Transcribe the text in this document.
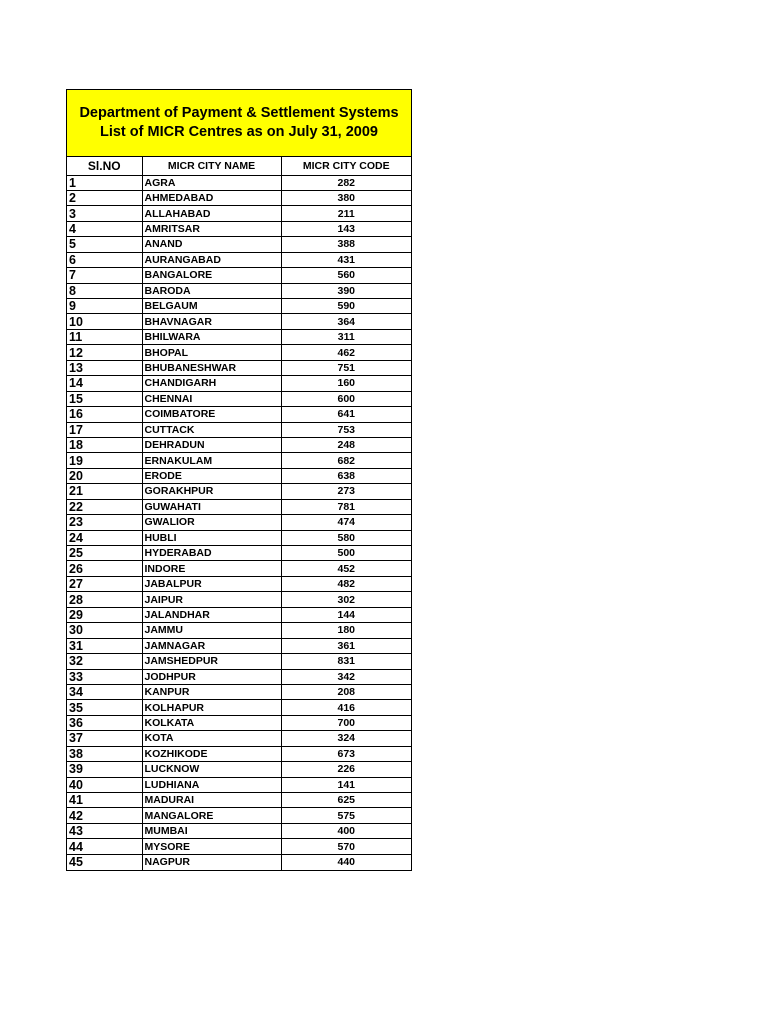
Department of Payment & Settlement Systems
List of MICR Centres as on July 31, 2009
Sl.NO	MICR CITY NAME	MICR CITY CODE
1	AGRA	282
2	AHMEDABAD	380
3	ALLAHABAD	211
4	AMRITSAR	143
5	ANAND	388
6	AURANGABAD	431
7	BANGALORE	560
8	BARODA	390
9	BELGAUM	590
10	BHAVNAGAR	364
11	BHILWARA	311
12	BHOPAL	462
13	BHUBANESHWAR	751
14	CHANDIGARH	160
15	CHENNAI	600
16	COIMBATORE	641
17	CUTTACK	753
18	DEHRADUN	248
19	ERNAKULAM	682
20	ERODE	638
21	GORAKHPUR	273
22	GUWAHATI	781
23	GWALIOR	474
24	HUBLI	580
25	HYDERABAD	500
26	INDORE	452
27	JABALPUR	482
28	JAIPUR	302
29	JALANDHAR	144
30	JAMMU	180
31	JAMNAGAR	361
32	JAMSHEDPUR	831
33	JODHPUR	342
34	KANPUR	208
35	KOLHAPUR	416
36	KOLKATA	700
37	KOTA	324
38	KOZHIKODE	673
39	LUCKNOW	226
40	LUDHIANA	141
41	MADURAI	625
42	MANGALORE	575
43	MUMBAI	400
44	MYSORE	570
45	NAGPUR	440
